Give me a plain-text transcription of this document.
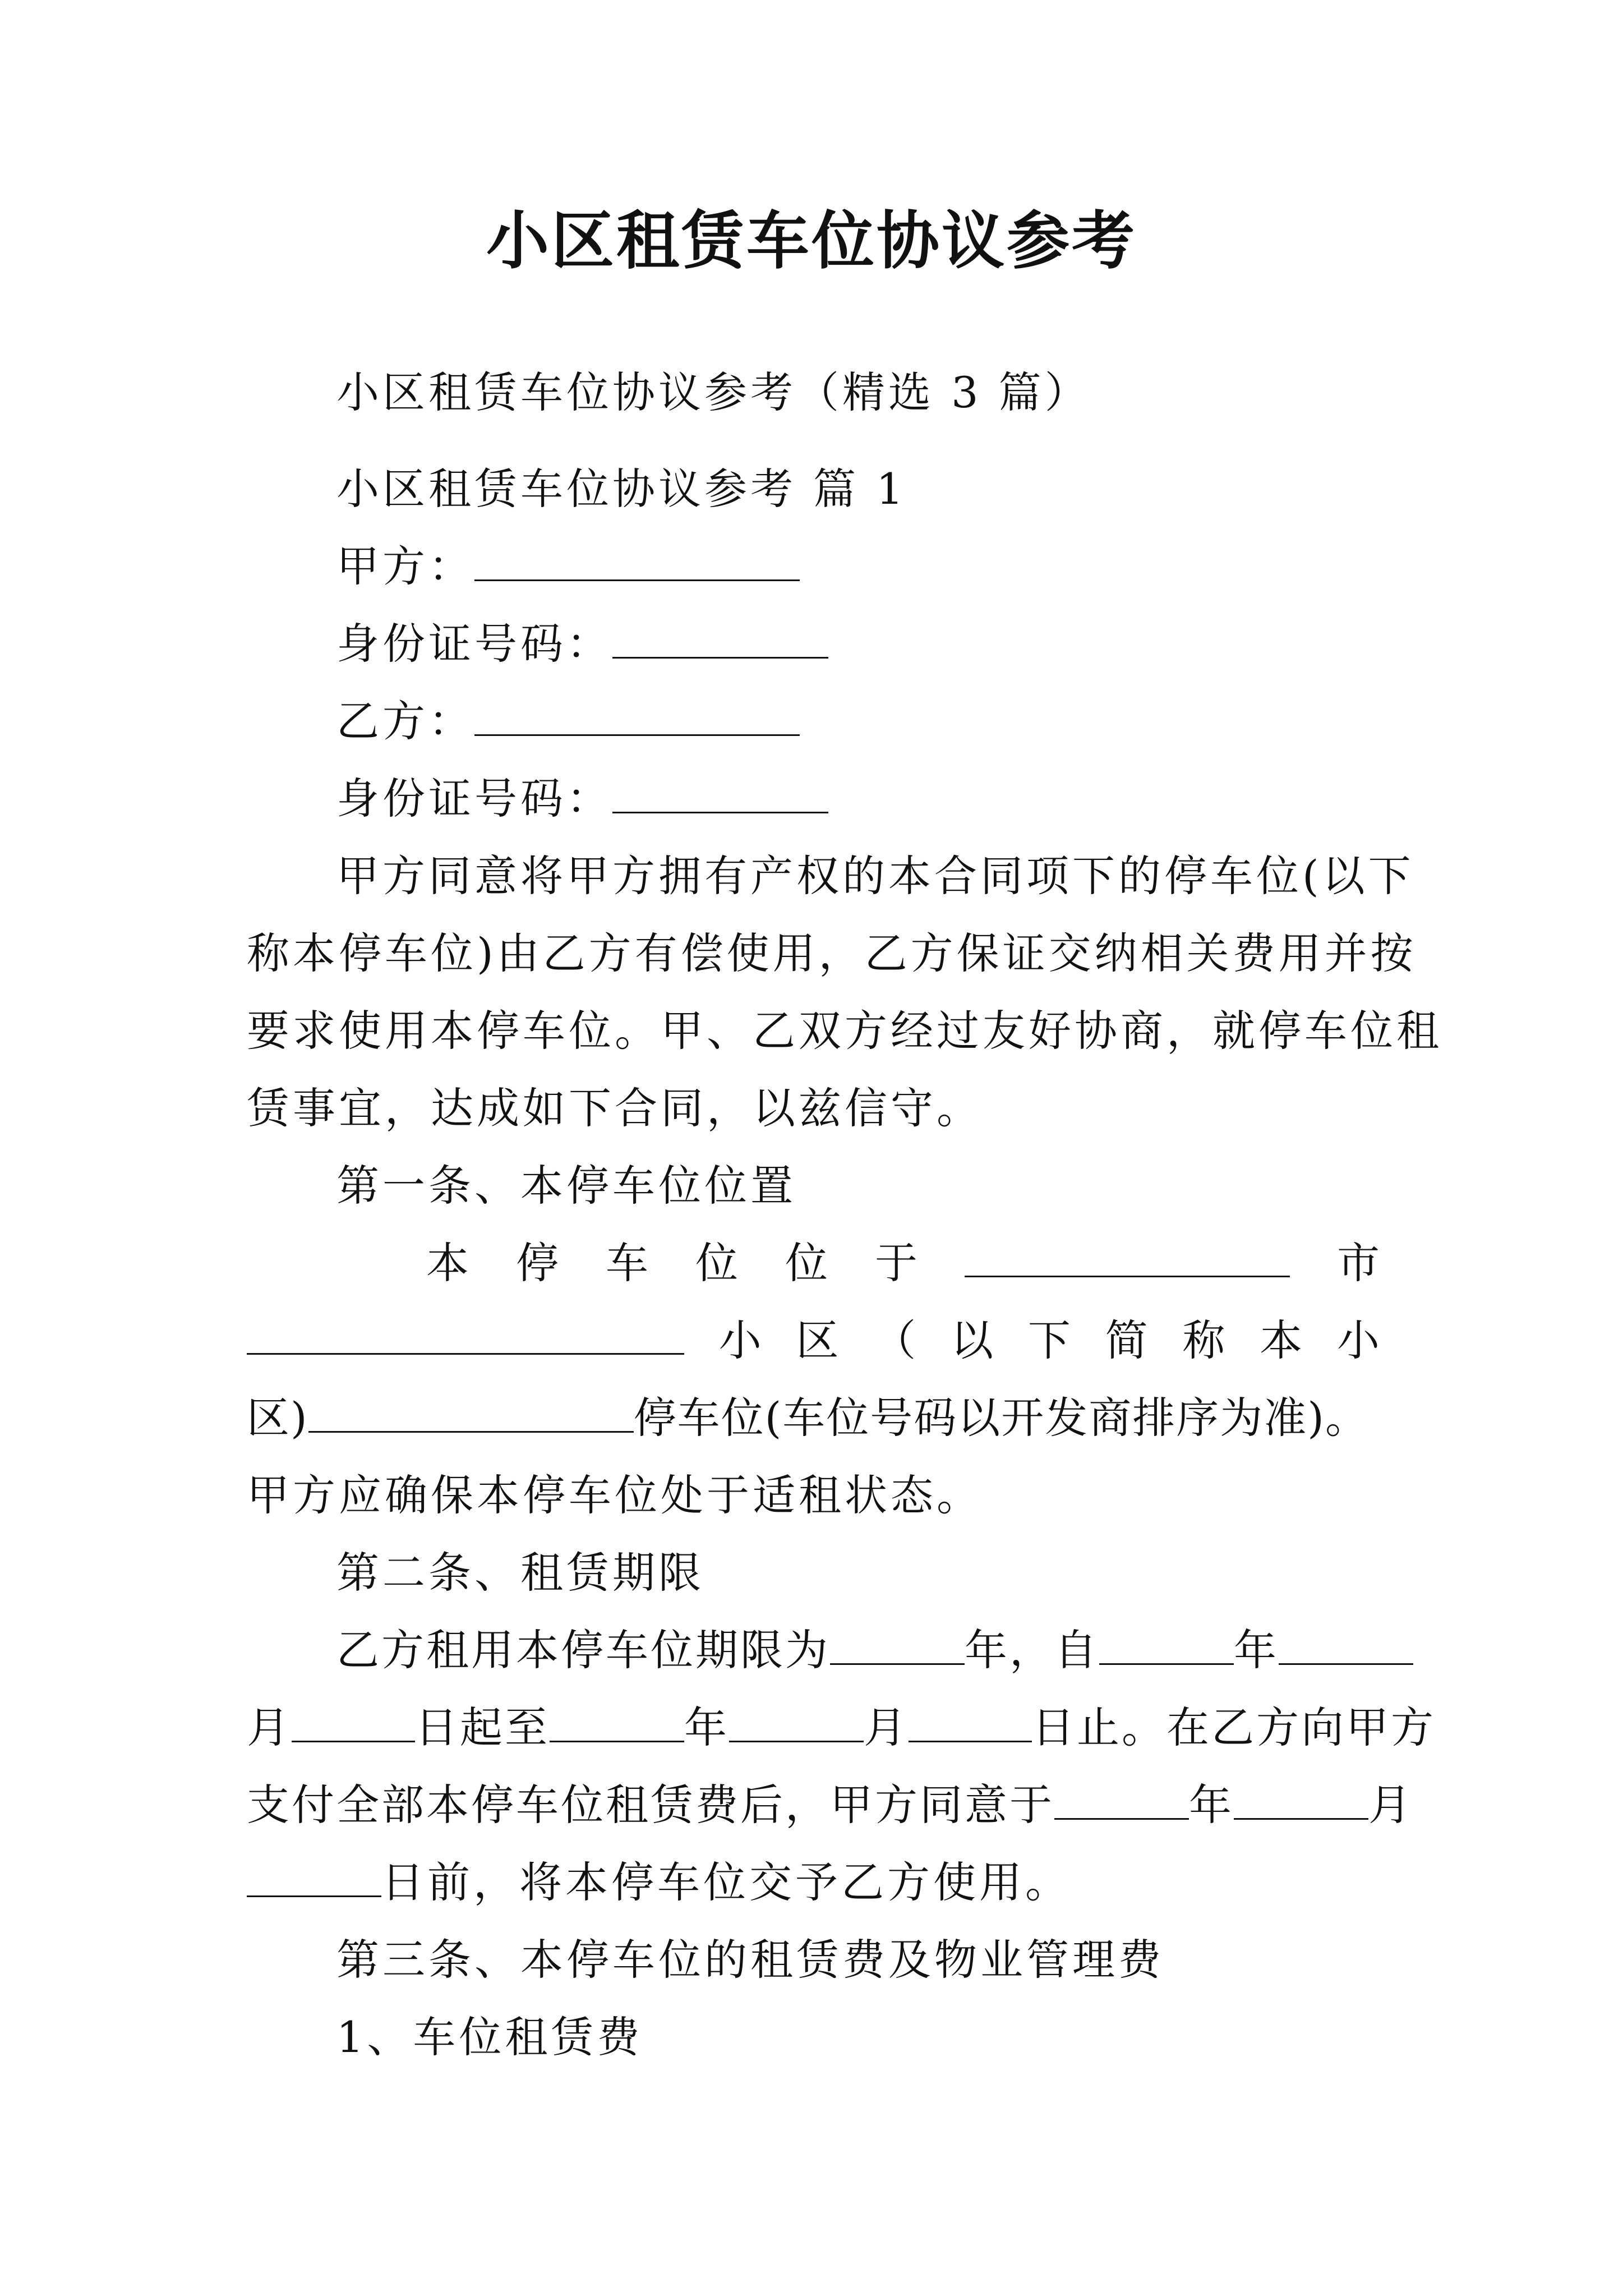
小区租赁车位协议参考
小区租赁车位协议参考（精选 3 篇）
小区租赁车位协议参考 篇 1
甲方：
身份证号码：
乙方：
身份证号码：
甲方同意将甲方拥有产权的本合同项下的停车位(以下
称本停车位)由乙方有偿使用，乙方保证交纳相关费用并按
要求使用本停车位。甲、乙双方经过友好协商，就停车位租
赁事宜，达成如下合同，以兹信守。
第一条、本停车位位置
本 停 车 位 位 于	市
小 区 （ 以 下 简 称 本 小
区)	停车位(车位号码以开发商排序为准)。
甲方应确保本停车位处于适租状态。
第二条、租赁期限
乙方租用本停车位期限为	年，自	年
月	日起至	年	月	日止。在乙方向甲方
支付全部本停车位租赁费后，甲方同意于	年	月
日前，将本停车位交予乙方使用。
第三条、本停车位的租赁费及物业管理费
1、车位租赁费
